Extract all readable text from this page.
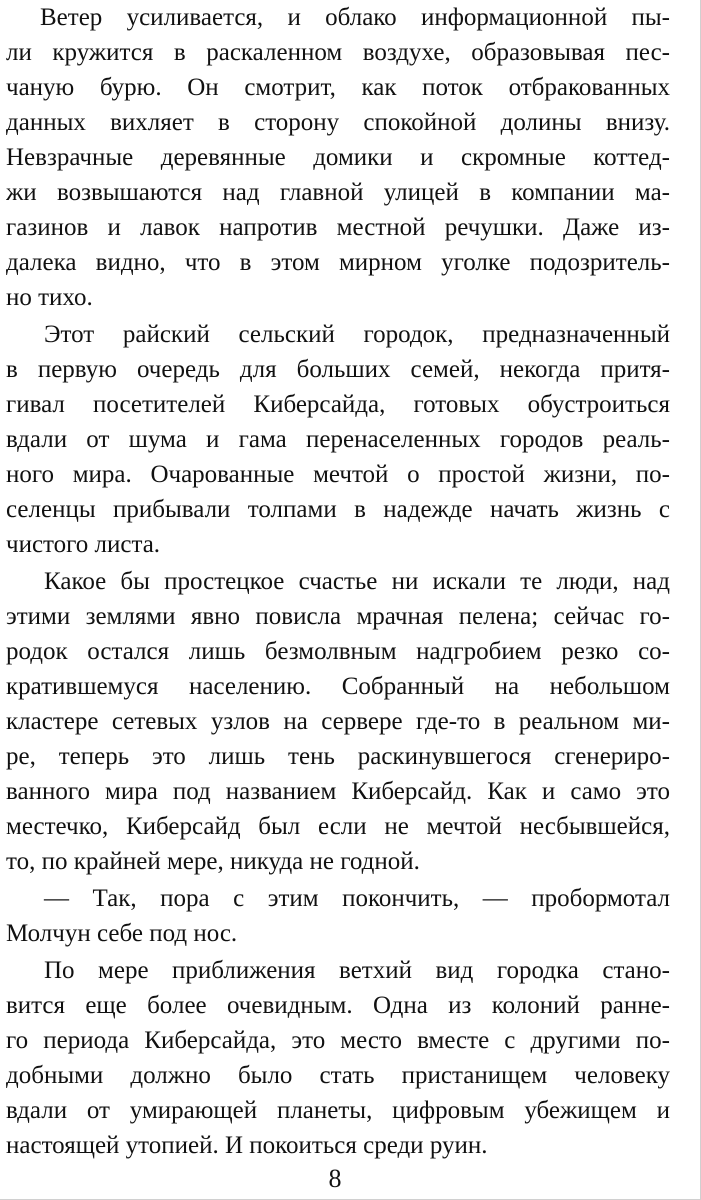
Ветер усиливается, и облако информационной пы-
ли кружится в раскаленном воздухе, образовывая пес-
чаную бурю. Он смотрит, как поток отбракованных
данных вихляет в сторону спокойной долины внизу.
Невзрачные деревянные домики и скромные коттед-
жи возвышаются над главной улицей в компании ма-
газинов и лавок напротив местной речушки. Даже из-
далека видно, что в этом мирном уголке подозритель-
но тихо.

Этот райский сельский городок, предназначенный
в первую очередь для больших семей, некогда притя-
гивал посетителей Киберсайда, готовых обустроиться
вдали от шума и гама перенаселенных городов реаль-
ного мира. Очарованные мечтой о простой жизни, по-
селенцы прибывали толпами в надежде начать жизнь с
чистого листа.

Какое бы простецкое счастье ни искали те люди, над
этими землями явно повисла мрачная пелена; сейчас го-
родок остался лишь безмолвным надгробием резко со-
кратившемуся населению. Собранный на небольшом
кластере сетевых узлов на сервере где-то в реальном ми-
ре, теперь это лишь тень раскинувшегося сгенериро-
ванного мира под названием Киберсайд. Как и само это
местечко, Киберсайд был если не мечтой несбывшейся,
то, по крайней мере, никуда не годной.

— Так, пора с этим покончить, — пробормотал
Молчун себе под нос.

По мере приближения ветхий вид городка стано-
вится еще более очевидным. Одна из колоний ранне-
го периода Киберсайда, это место вместе с другими по-
добными должно было стать пристанищем человеку
вдали от умирающей планеты, цифровым убежищем и
настоящей утопией. И покоиться среди руин.

8
